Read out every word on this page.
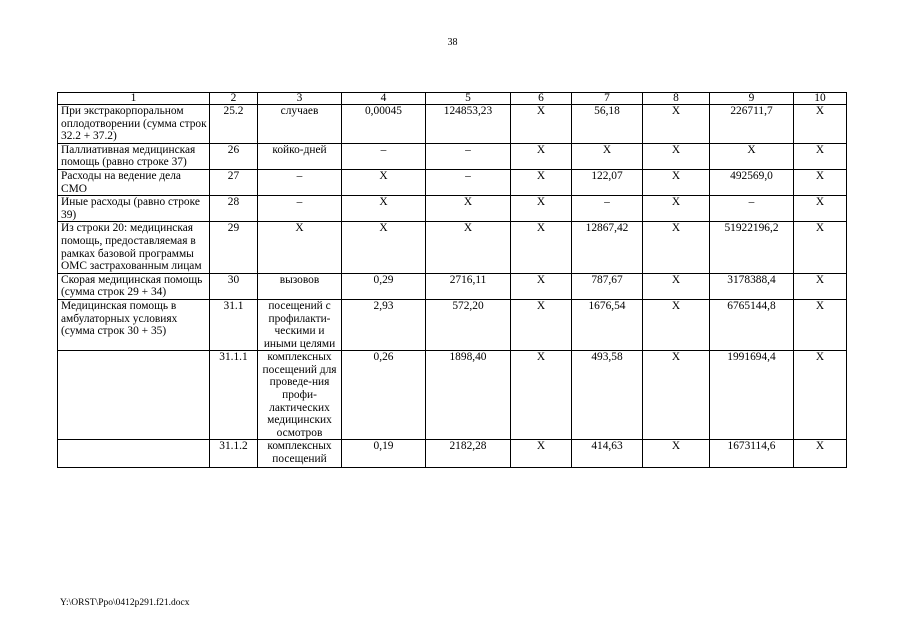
38
1	2	3	4	5	6	7	8	9	10
При экстракорпоральном оплодотворении (сумма строк 32.2 + 37.2)	25.2	случаев	0,00045	124853,23	Х	56,18	Х	226711,7	Х
Паллиативная медицинская помощь (равно строке 37)	26	койко-дней	–	–	Х	Х	Х	Х	Х
Расходы на ведение дела СМО	27	–	Х	–	Х	122,07	Х	492569,0	Х
Иные расходы (равно строке 39)	28	–	Х	Х	Х	–	Х	–	Х
Из строки 20: медицинская помощь, предоставляемая в рамках базовой программы ОМС застрахованным лицам	29	Х	Х	Х	Х	12867,42	Х	51922196,2	Х
Скорая медицинская помощь (сумма строк 29 + 34)	30	вызовов	0,29	2716,11	Х	787,67	Х	3178388,4	Х
Медицинская помощь в амбулаторных условиях (сумма строк 30 + 35)	31.1	посещений с профилакти-ческими и иными целями	2,93	572,20	Х	1676,54	Х	6765144,8	Х
	31.1.1	комплексных посещений для проведе-ния профи-лактических медицинских осмотров	0,26	1898,40	Х	493,58	Х	1991694,4	Х
	31.1.2	комплексных посещений	0,19	2182,28	Х	414,63	Х	1673114,6	Х
Y:\ORST\Ppo\0412p291.f21.docx
